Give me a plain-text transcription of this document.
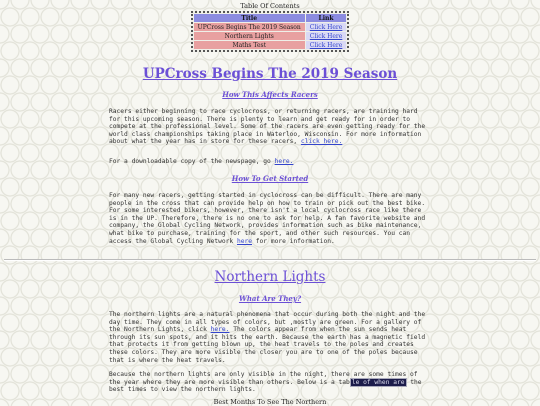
Table Of Contents
Title	Link
UPCross Begins The 2019 Season	Click Here
Northern Lights	Click Here
Maths Test	Click Here
UPCross Begins The 2019 Season
How This Affects Racers
Racers either beginning to race cyclocross, or returning racers, are training hard for this upcoming season. There is plenty to learn and get ready for in order to compete at the professional level. Some of the racers are even getting ready for the world class championships taking place in Waterloo, Wisconsin. For more information about what the year has in store for these racers, click here.
For a downloadable copy of the newspage, go here.
How To Get Started
For many new racers, getting started in cyclocross can be difficult. There are many people in the cross that can provide help on how to train or pick out the best bike. For some interested bikers, however, there isn't a local cyclocross race like there is in the UP. Therefore, there is no one to ask for help. A fan favorite website and company, the Global Cycling Network, provides information such as bike maintenance, what bike to purchase, training for the sport, and other such resources. You can access the Global Cycling Network here for more information.
Northern Lights
What Are They?
The northern lights are a natural phenomena that occur during both the night and the day time. They come in all types of colors, but ,mostly are green. For a gallery of the Northern Lights, click here. The colors appear from when the sun sends heat through its sun spots, and it hits the earth. Because the earth has a magnetic field that protects it from getting blown up, the heat travels to the poles and creates these colors. They are more visible the closer you are to one of the poles because that is where the heat travels.
Because the northern lights are only visible in the night, there are some times of the year where they are more visible than others. Below is a tab le of when are the best times to view the northern lights.
Best Months To See The Northern
